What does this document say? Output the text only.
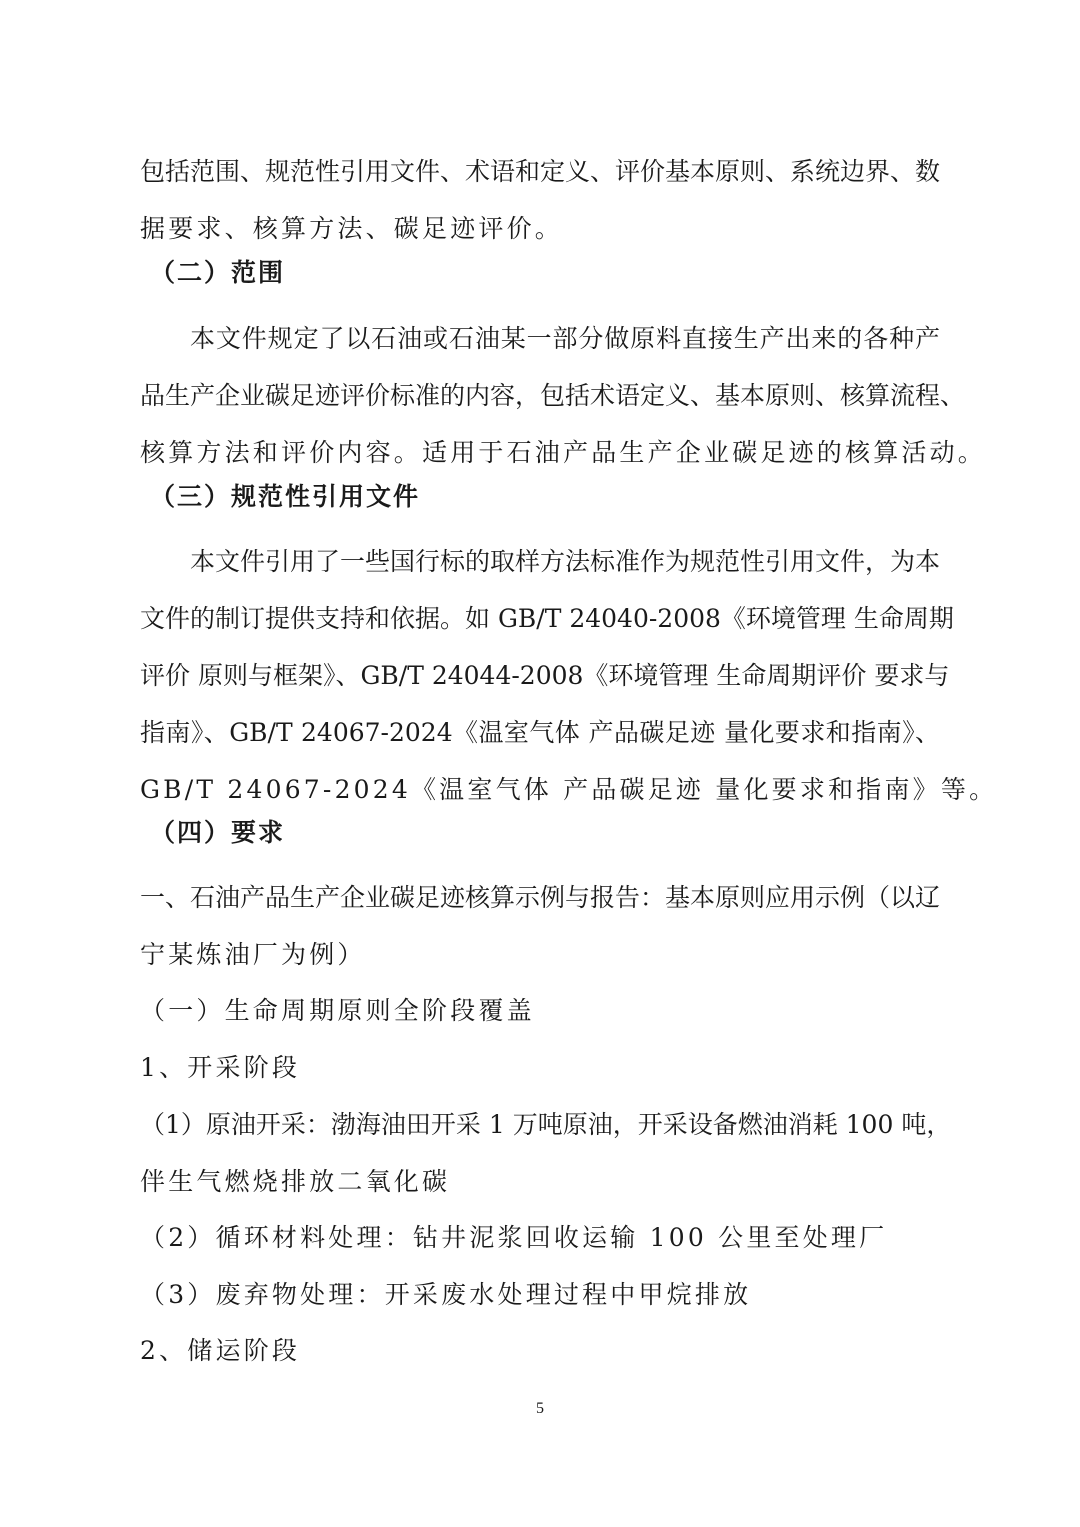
包括范围、规范性引用文件、术语和定义、评价基本原则、系统边界、数
据要求、核算方法、碳足迹评价。
（二）范围
本文件规定了以石油或石油某一部分做原料直接生产出来的各种产
品生产企业碳足迹评价标准的内容，包括术语定义、基本原则、核算流程、
核算方法和评价内容。适用于石油产品生产企业碳足迹的核算活动。
（三）规范性引用文件
本文件引用了一些国行标的取样方法标准作为规范性引用文件，为本
文件的制订提供支持和依据。如 GB/T 24040-2008《环境管理 生命周期
评价 原则与框架》、GB/T 24044-2008《环境管理 生命周期评价 要求与
指南》、GB/T 24067-2024《温室气体 产品碳足迹 量化要求和指南》、
GB/T 24067-2024《温室气体 产品碳足迹 量化要求和指南》等。
（四）要求
一、石油产品生产企业碳足迹核算示例与报告：基本原则应用示例（以辽
宁某炼油厂为例）
（一）生命周期原则全阶段覆盖
1、开采阶段
（1）原油开采：渤海油田开采 1 万吨原油，开采设备燃油消耗 100 吨，
伴生气燃烧排放二氧化碳
（2）循环材料处理：钻井泥浆回收运输 100 公里至处理厂
（3）废弃物处理：开采废水处理过程中甲烷排放
2、储运阶段
5
